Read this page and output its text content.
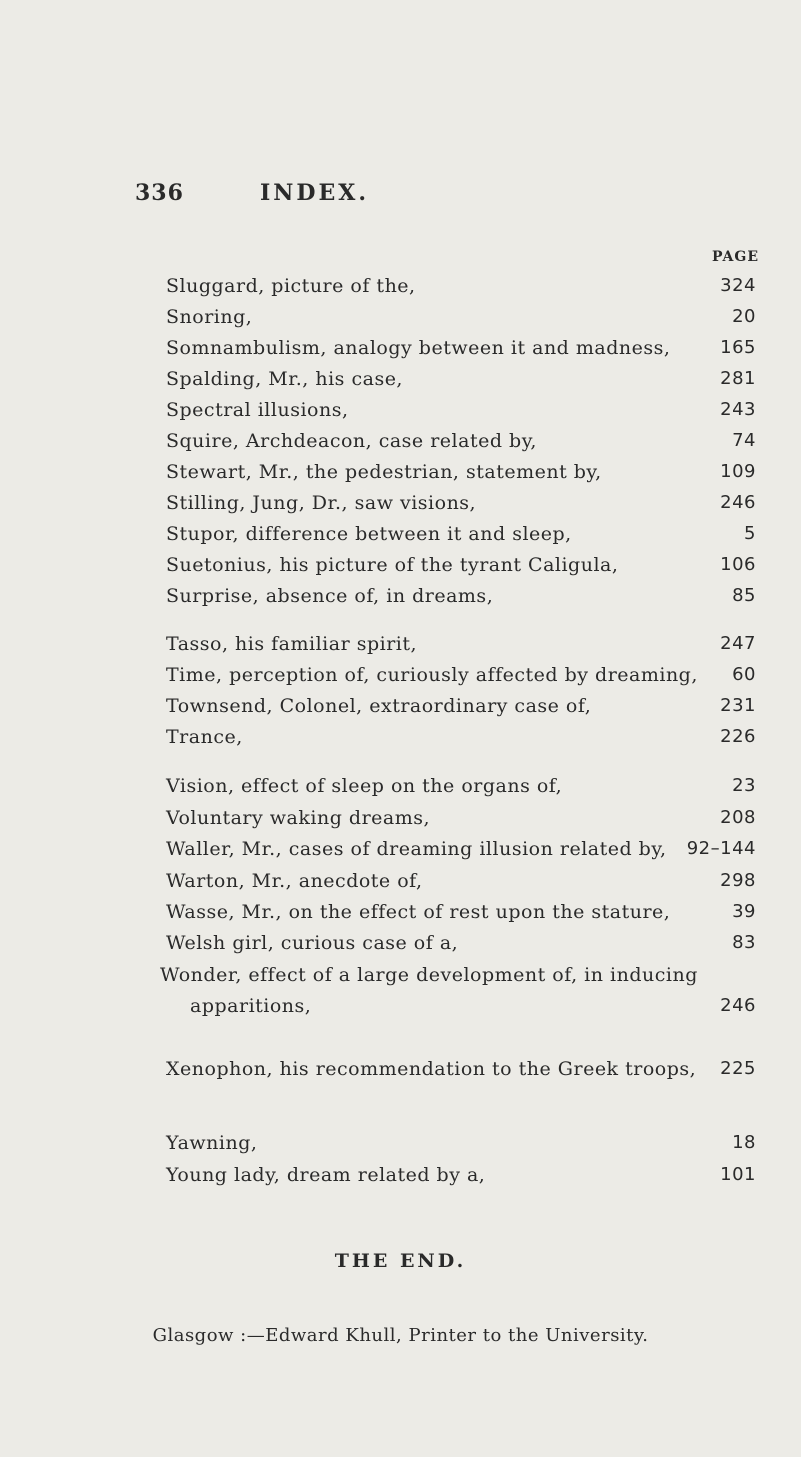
336	INDEX.
PAGE
Sluggard, picture of the,	324
Snoring,	20
Somnambulism, analogy between it and madness,	165
Spalding, Mr., his case,	281
Spectral illusions,	243
Squire, Archdeacon, case related by,	74
Stewart, Mr., the pedestrian, statement by,	109
Stilling, Jung, Dr., saw visions,	246
Stupor, difference between it and sleep,	5
Suetonius, his picture of the tyrant Caligula,	106
Surprise, absence of, in dreams,	85
Tasso, his familiar spirit,	247
Time, perception of, curiously affected by dreaming,	60
Townsend, Colonel, extraordinary case of,	231
Trance,	226
Vision, effect of sleep on the organs of,	23
Voluntary waking dreams,	208
Waller, Mr., cases of dreaming illusion related by,	92–144
Warton, Mr., anecdote of,	298
Wasse, Mr., on the effect of rest upon the stature,	39
Welsh girl, curious case of a,	83
Wonder, effect of a large development of, in inducing
apparitions,	246
Xenophon, his recommendation to the Greek troops,	225
Yawning,	18
Young lady, dream related by a,	101
THE END.
Glasgow :—Edward Khull, Printer to the University.
